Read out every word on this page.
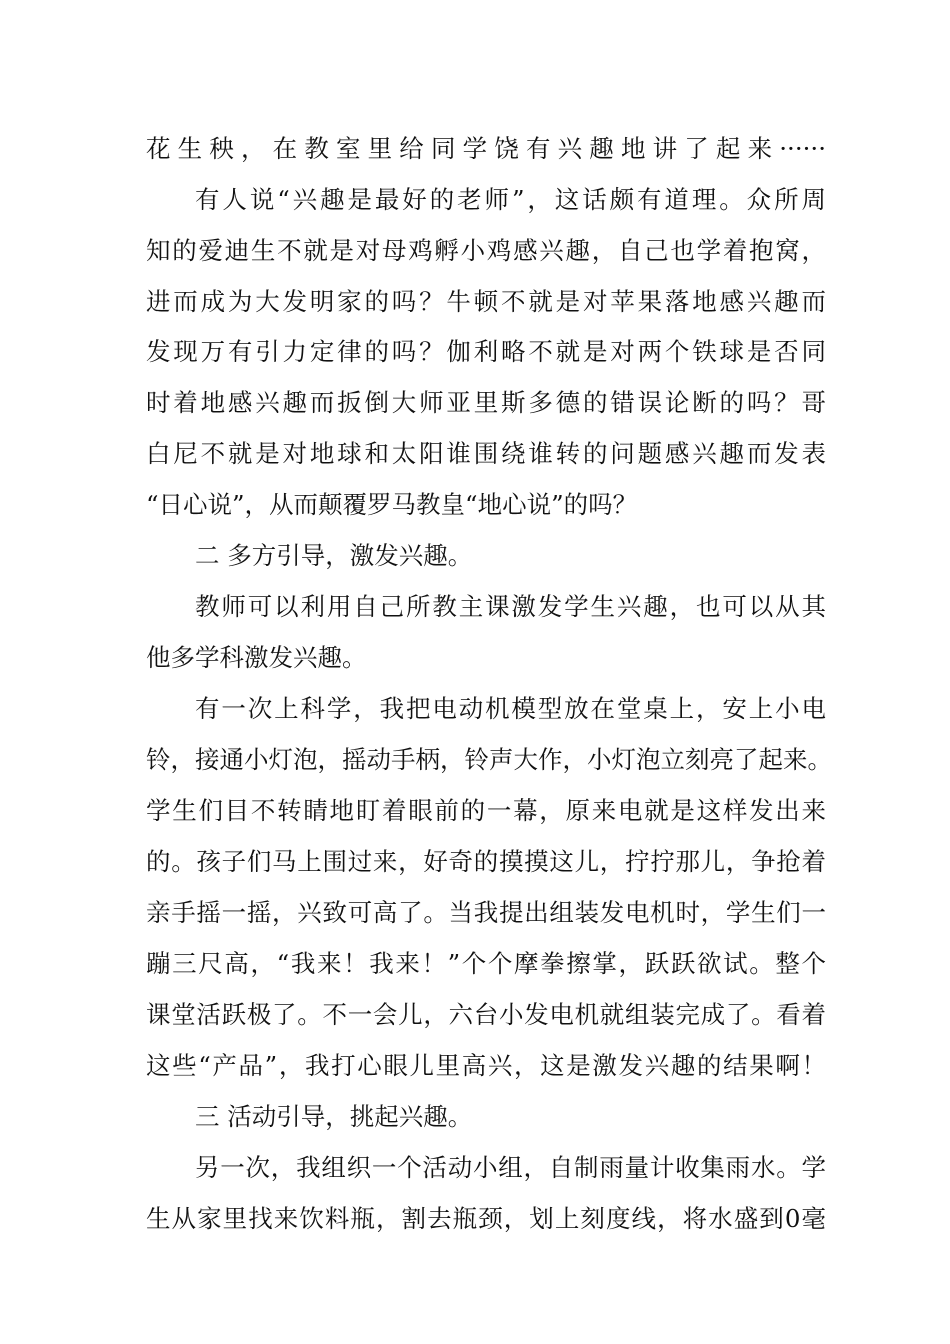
花生秧，在教室里给同学饶有兴趣地讲了起来······
有人说“兴趣是最好的老师”，这话颇有道理。众所周
知的爱迪生不就是对母鸡孵小鸡感兴趣，自己也学着抱窝，
进而成为大发明家的吗？牛顿不就是对苹果落地感兴趣而
发现万有引力定律的吗？伽利略不就是对两个铁球是否同
时着地感兴趣而扳倒大师亚里斯多德的错误论断的吗？哥
白尼不就是对地球和太阳谁围绕谁转的问题感兴趣而发表
“日心说”，从而颠覆罗马教皇“地心说”的吗？
二 多方引导，激发兴趣。
教师可以利用自己所教主课激发学生兴趣，也可以从其
他多学科激发兴趣。
有一次上科学，我把电动机模型放在堂桌上，安上小电
铃，接通小灯泡，摇动手柄，铃声大作，小灯泡立刻亮了起来。
学生们目不转睛地盯着眼前的一幕，原来电就是这样发出来
的。孩子们马上围过来，好奇的摸摸这儿，拧拧那儿，争抢着
亲手摇一摇，兴致可高了。当我提出组装发电机时，学生们一
蹦三尺高，“我来！我来！”个个摩拳擦掌，跃跃欲试。整个
课堂活跃极了。不一会儿，六台小发电机就组装完成了。看着
这些“产品”，我打心眼儿里高兴，这是激发兴趣的结果啊！
三 活动引导，挑起兴趣。
另一次，我组织一个活动小组，自制雨量计收集雨水。学
生从家里找来饮料瓶，割去瓶颈，划上刻度线，将水盛到0毫
